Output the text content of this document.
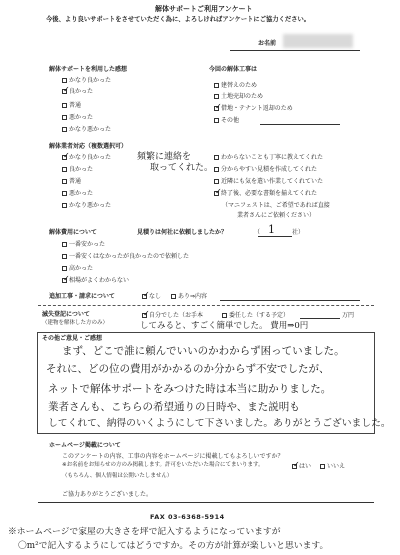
解体サポートご利用アンケート
今後、より良いサポートをさせていただく為に、よろしければアンケートにご協力ください。
お名前
解体サポートを利用した感想
かなり良かった
✓良かった
普通
悪かった
かなり悪かった
今回の解体工事は
建替えのため
土地売却のため
✓借地・テナント返却のため
その他
解体業者対応（複数選択可）
✓かなり良かった
良かった
普通
悪かった
かなり悪かった
頻繁に連絡を
取ってくれた。
わからないことも丁寧に教えてくれた
分からやすい見積を作成してくれた
近隣にも気を遣い作業してくれていた
✓終了後、必要な書類を揃えてくれた
（マニフェストは、ご希望であれば直接
業者さんにご依頼ください）
解体費用について	見積りは何社に依頼しましたか？	（ 1	社）
一番安かった
一番安くはなかったが良かったので依頼した
高かった
✓相場がよくわからない
追加工事・請求について
✓	なし	あり⇒内容
滅失登記について
（建物を解体した方のみ）
✓自分でした（お手本	委任した（する予定）	万円
してみると、すごく簡単でした。 費用⇒0円
その他ご意見・ご感想
まず、どこで誰に頼んでいいのかわからず困っていました。
それに、どの位の費用がかかるのか分からず不安でしたが、
ネットで解体サポートをみつけた時は本当に助かりました。
業者さんも、こちらの希望通りの日時や、また説明も
してくれて、納得のいくようにして下さいました。ありがとうございました。
ホームページ掲載について
このアンケートの内容、工事の内容をホームページに掲載してもよろしいですか？
※お名前をお知らせの方のみ掲載します。許可をいただいた場合にてまいります。
（もちろん、個人情報は公開いたしません）
✓はい	いいえ
ご協力ありがとうございました。
FAX 03-6368-5914
※ホームページで家屋の大きさを坪で記入するようになっていますが
〇m²で記入するようにしてはどうですか。その方が計算が楽しいと思います。
